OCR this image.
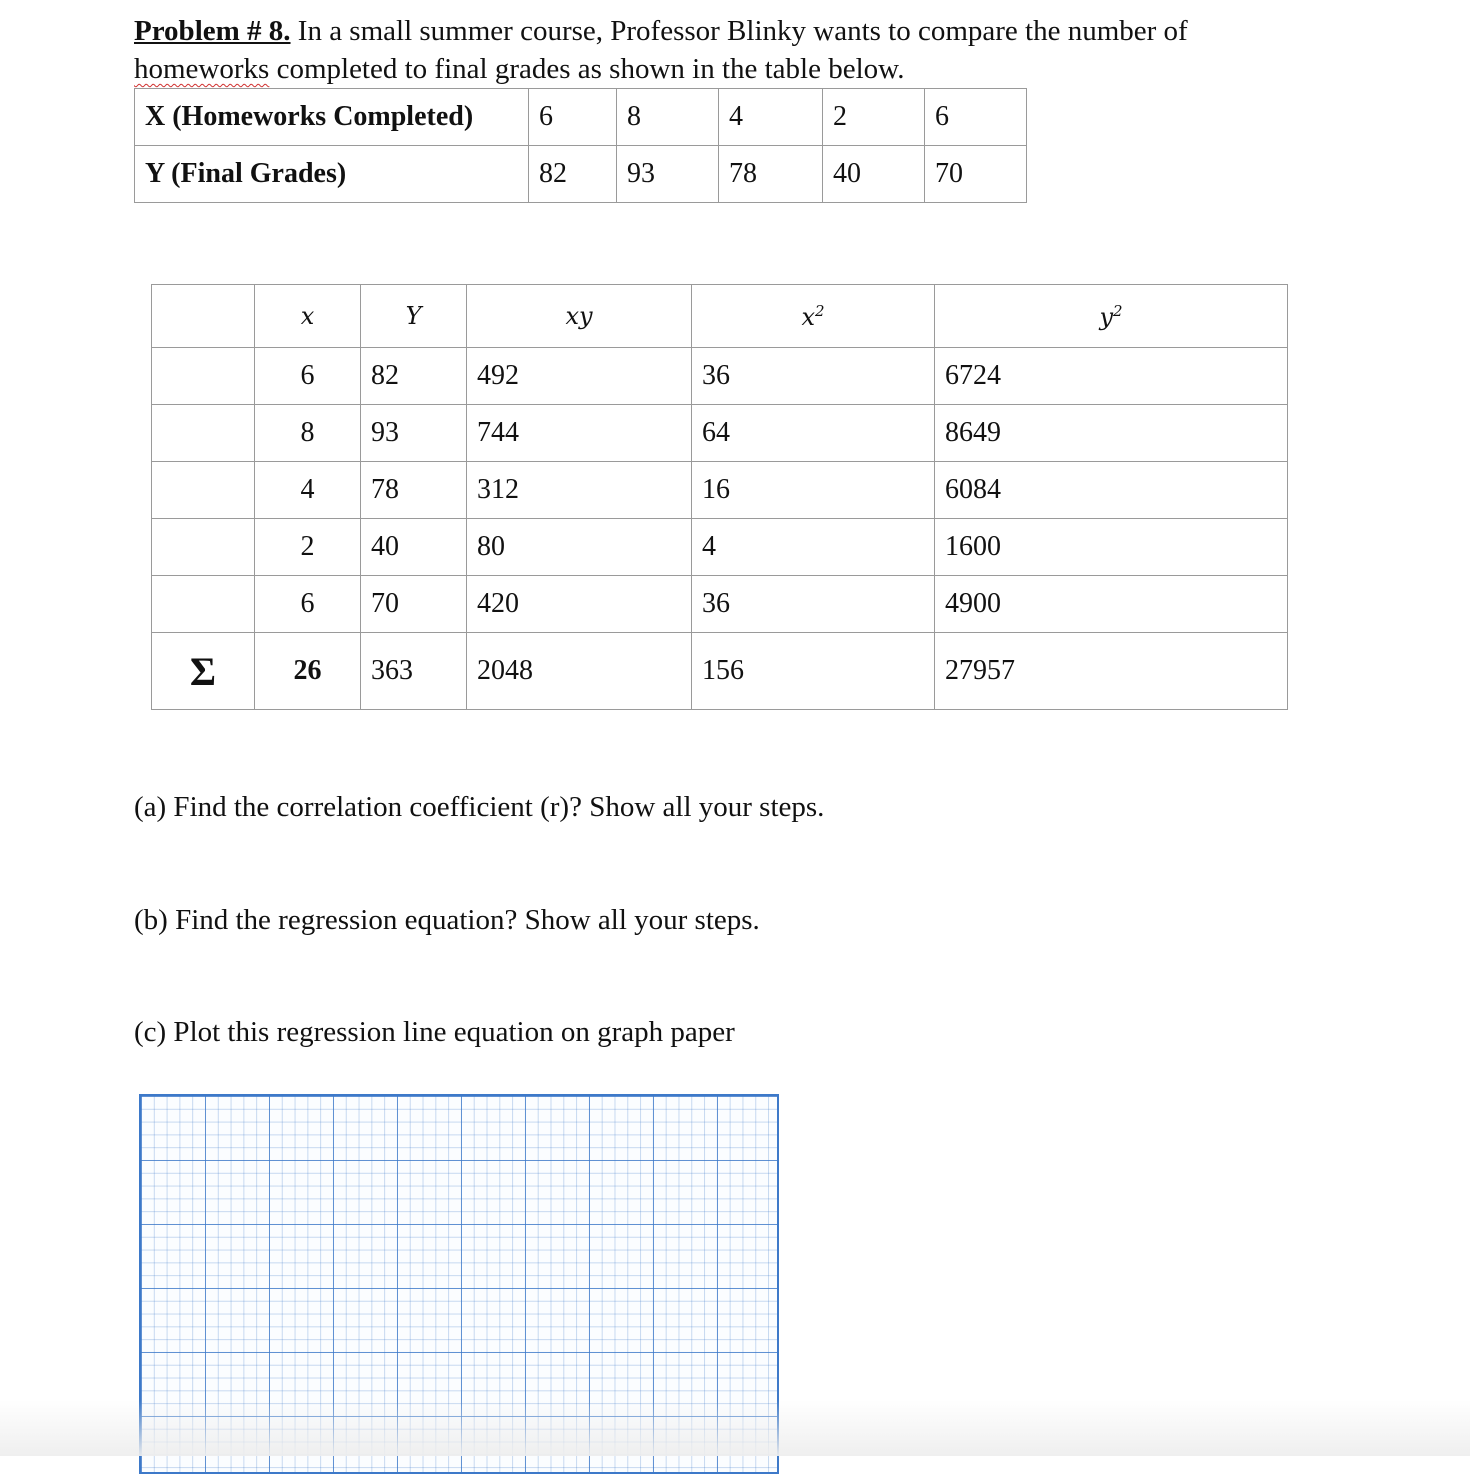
Problem # 8. In a small summer course, Professor Blinky wants to compare the number of homeworks completed to final grades as shown in the table below.
X (Homeworks Completed)	6	8	4	2	6
Y (Final Grades)	82	93	78	40	70
	x	Y	xy	$x^2$	$y^2$
	6	82	492	36	6724
	8	93	744	64	8649
	4	78	312	16	6084
	2	40	80	4	1600
	6	70	420	36	4900
Σ	26	363	2048	156	27957
(a) Find the correlation coefficient (r)? Show all your steps.
(b) Find the regression equation? Show all your steps.
(c) Plot this regression line equation on graph paper
